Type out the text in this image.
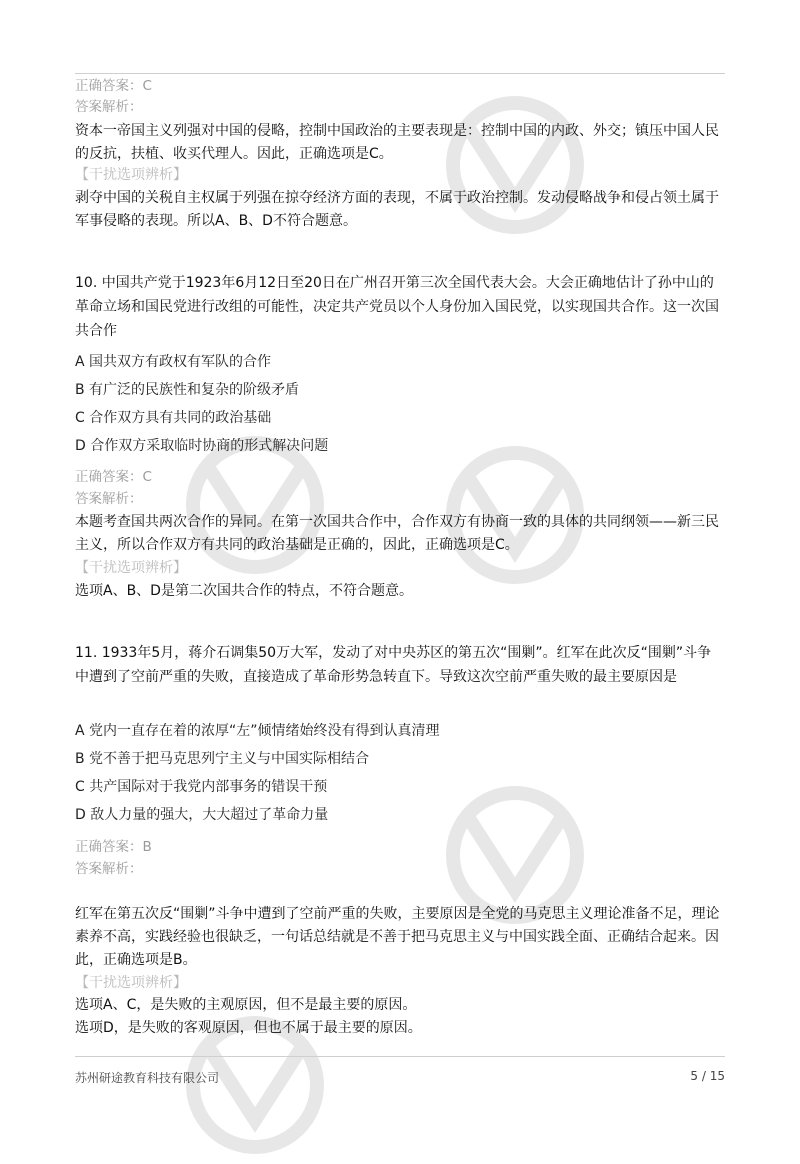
正确答案：C
答案解析：
资本一帝国主义列强对中国的侵略，控制中国政治的主要表现是：控制中国的内政、外交；镇压中国人民的反抗，扶植、收买代理人。因此，正确选项是C。
【干扰选项辨析】
剥夺中国的关税自主权属于列强在掠夺经济方面的表现，不属于政治控制。发动侵略战争和侵占领土属于军事侵略的表现。所以A、B、D不符合题意。
10. 中国共产党于1923年6月12日至20日在广州召开第三次全国代表大会。大会正确地估计了孙中山的革命立场和国民党进行改组的可能性，决定共产党员以个人身份加入国民党，以实现国共合作。这一次国共合作
A 国共双方有政权有军队的合作
B 有广泛的民族性和复杂的阶级矛盾
C 合作双方具有共同的政治基础
D 合作双方采取临时协商的形式解决问题
正确答案：C
答案解析：
本题考查国共两次合作的异同。在第一次国共合作中，合作双方有协商一致的具体的共同纲领——新三民主义，所以合作双方有共同的政治基础是正确的，因此，正确选项是C。
【干扰选项辨析】
选项A、B、D是第二次国共合作的特点，不符合题意。
11. 1933年5月，蒋介石调集50万大军，发动了对中央苏区的第五次“围剿”。红军在此次反“围剿”斗争中遭到了空前严重的失败，直接造成了革命形势急转直下。导致这次空前严重失败的最主要原因是
A 党内一直存在着的浓厚“左”倾情绪始终没有得到认真清理
B 党不善于把马克思列宁主义与中国实际相结合
C 共产国际对于我党内部事务的错误干预
D 敌人力量的强大，大大超过了革命力量
正确答案：B
答案解析：
红军在第五次反“围剿”斗争中遭到了空前严重的失败，主要原因是全党的马克思主义理论准备不足，理论素养不高，实践经验也很缺乏，一句话总结就是不善于把马克思主义与中国实践全面、正确结合起来。因此，正确选项是B。
【干扰选项辨析】
选项A、C，是失败的主观原因，但不是最主要的原因。
选项D，是失败的客观原因，但也不属于最主要的原因。
苏州研途教育科技有限公司	5 / 15
